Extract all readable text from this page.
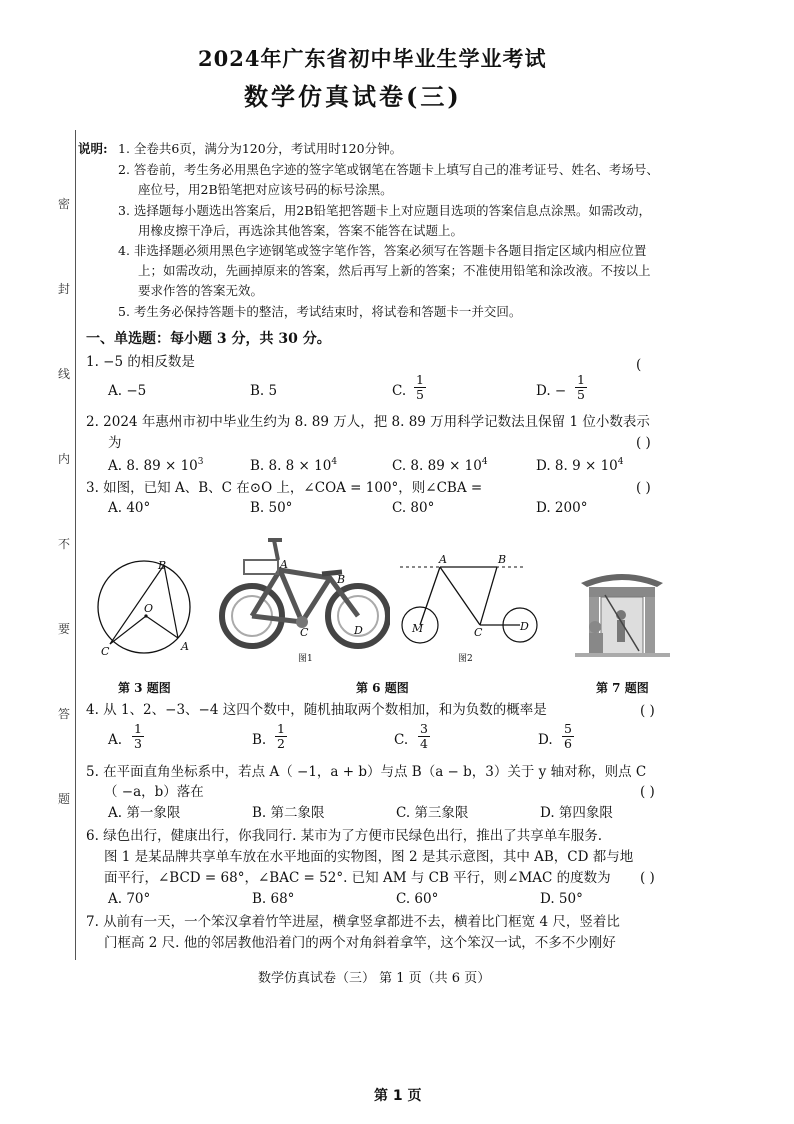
2024年广东省初中毕业生学业考试
数学仿真试卷(三)
密
封
线
内
不
要
答
题
说明: 1. 全卷共6页，满分为120分，考试用时120分钟。
2. 答卷前，考生务必用黑色字迹的签字笔或钢笔在答题卡上填写自己的准考证号、姓名、考场号、
座位号，用2B铅笔把对应该号码的标号涂黑。
3. 选择题每小题选出答案后，用2B铅笔把答题卡上对应题目选项的答案信息点涂黑。如需改动，
用橡皮擦干净后，再选涂其他答案，答案不能答在试题上。
4. 非选择题必须用黑色字迹钢笔或签字笔作答，答案必须写在答题卡各题目指定区域内相应位置
上；如需改动，先画掉原来的答案，然后再写上新的答案；不准使用铅笔和涂改液。不按以上
要求作答的答案无效。
5. 考生务必保持答题卡的整洁，考试结束时，将试卷和答题卡一并交回。
一、单选题：每小题 3 分，共 30 分。
1. −5 的相反数是	(
A. −5	B. 5	C. $\frac{1}{5}$	D. − $\frac{1}{5}$
2. 2024 年惠州市初中毕业生约为 8. 89 万人，把 8. 89 万用科学记数法且保留 1 位小数表示
为	( )
A. 8. $89 \times 10^3$	B. 8. $8 \times 10^4$	C. 8. $89 \times 10^4$	D. 8. $9 \times 10^4$
3. 如图，已知 A、B、C 在⊙O 上，∠COA = 100°，则∠CBA =	( )
A. 40°	B. 50°	C. 80°	D. 200°
B
O
C	A
A
B
C	D
图1
A	B
M	C	D
图2
第 3 题图	第 6 题图	第 7 题图
4. 从 1、2、−3、−4 这四个数中，随机抽取两个数相加，和为负数的概率是	( )
A. $\frac{1}{3}$	B. $\frac{1}{2}$	C. $\frac{3}{4}$	D. $\frac{5}{6}$
5. 在平面直角坐标系中，若点 A（ −1，a + b）与点 B（a − b，3）关于 y 轴对称，则点 C
（ −a，b）落在	( )
A. 第一象限	B. 第二象限	C. 第三象限	D. 第四象限
6. 绿色出行，健康出行，你我同行. 某市为了方便市民绿色出行，推出了共享单车服务.
图 1 是某品牌共享单车放在水平地面的实物图，图 2 是其示意图，其中 AB，CD 都与地
面平行，∠BCD = 68°，∠BAC = 52°. 已知 AM 与 CB 平行，则∠MAC 的度数为 ( )
A. 70°	B. 68°	C. 60°	D. 50°
7. 从前有一天，一个笨汉拿着竹竿进屋，横拿竖拿都进不去，横着比门框宽 4 尺，竖着比
门框高 2 尺. 他的邻居教他沿着门的两个对角斜着拿竿，这个笨汉一试，不多不少刚好
数学仿真试卷（三） 第 1 页（共 6 页）
第 1 页
